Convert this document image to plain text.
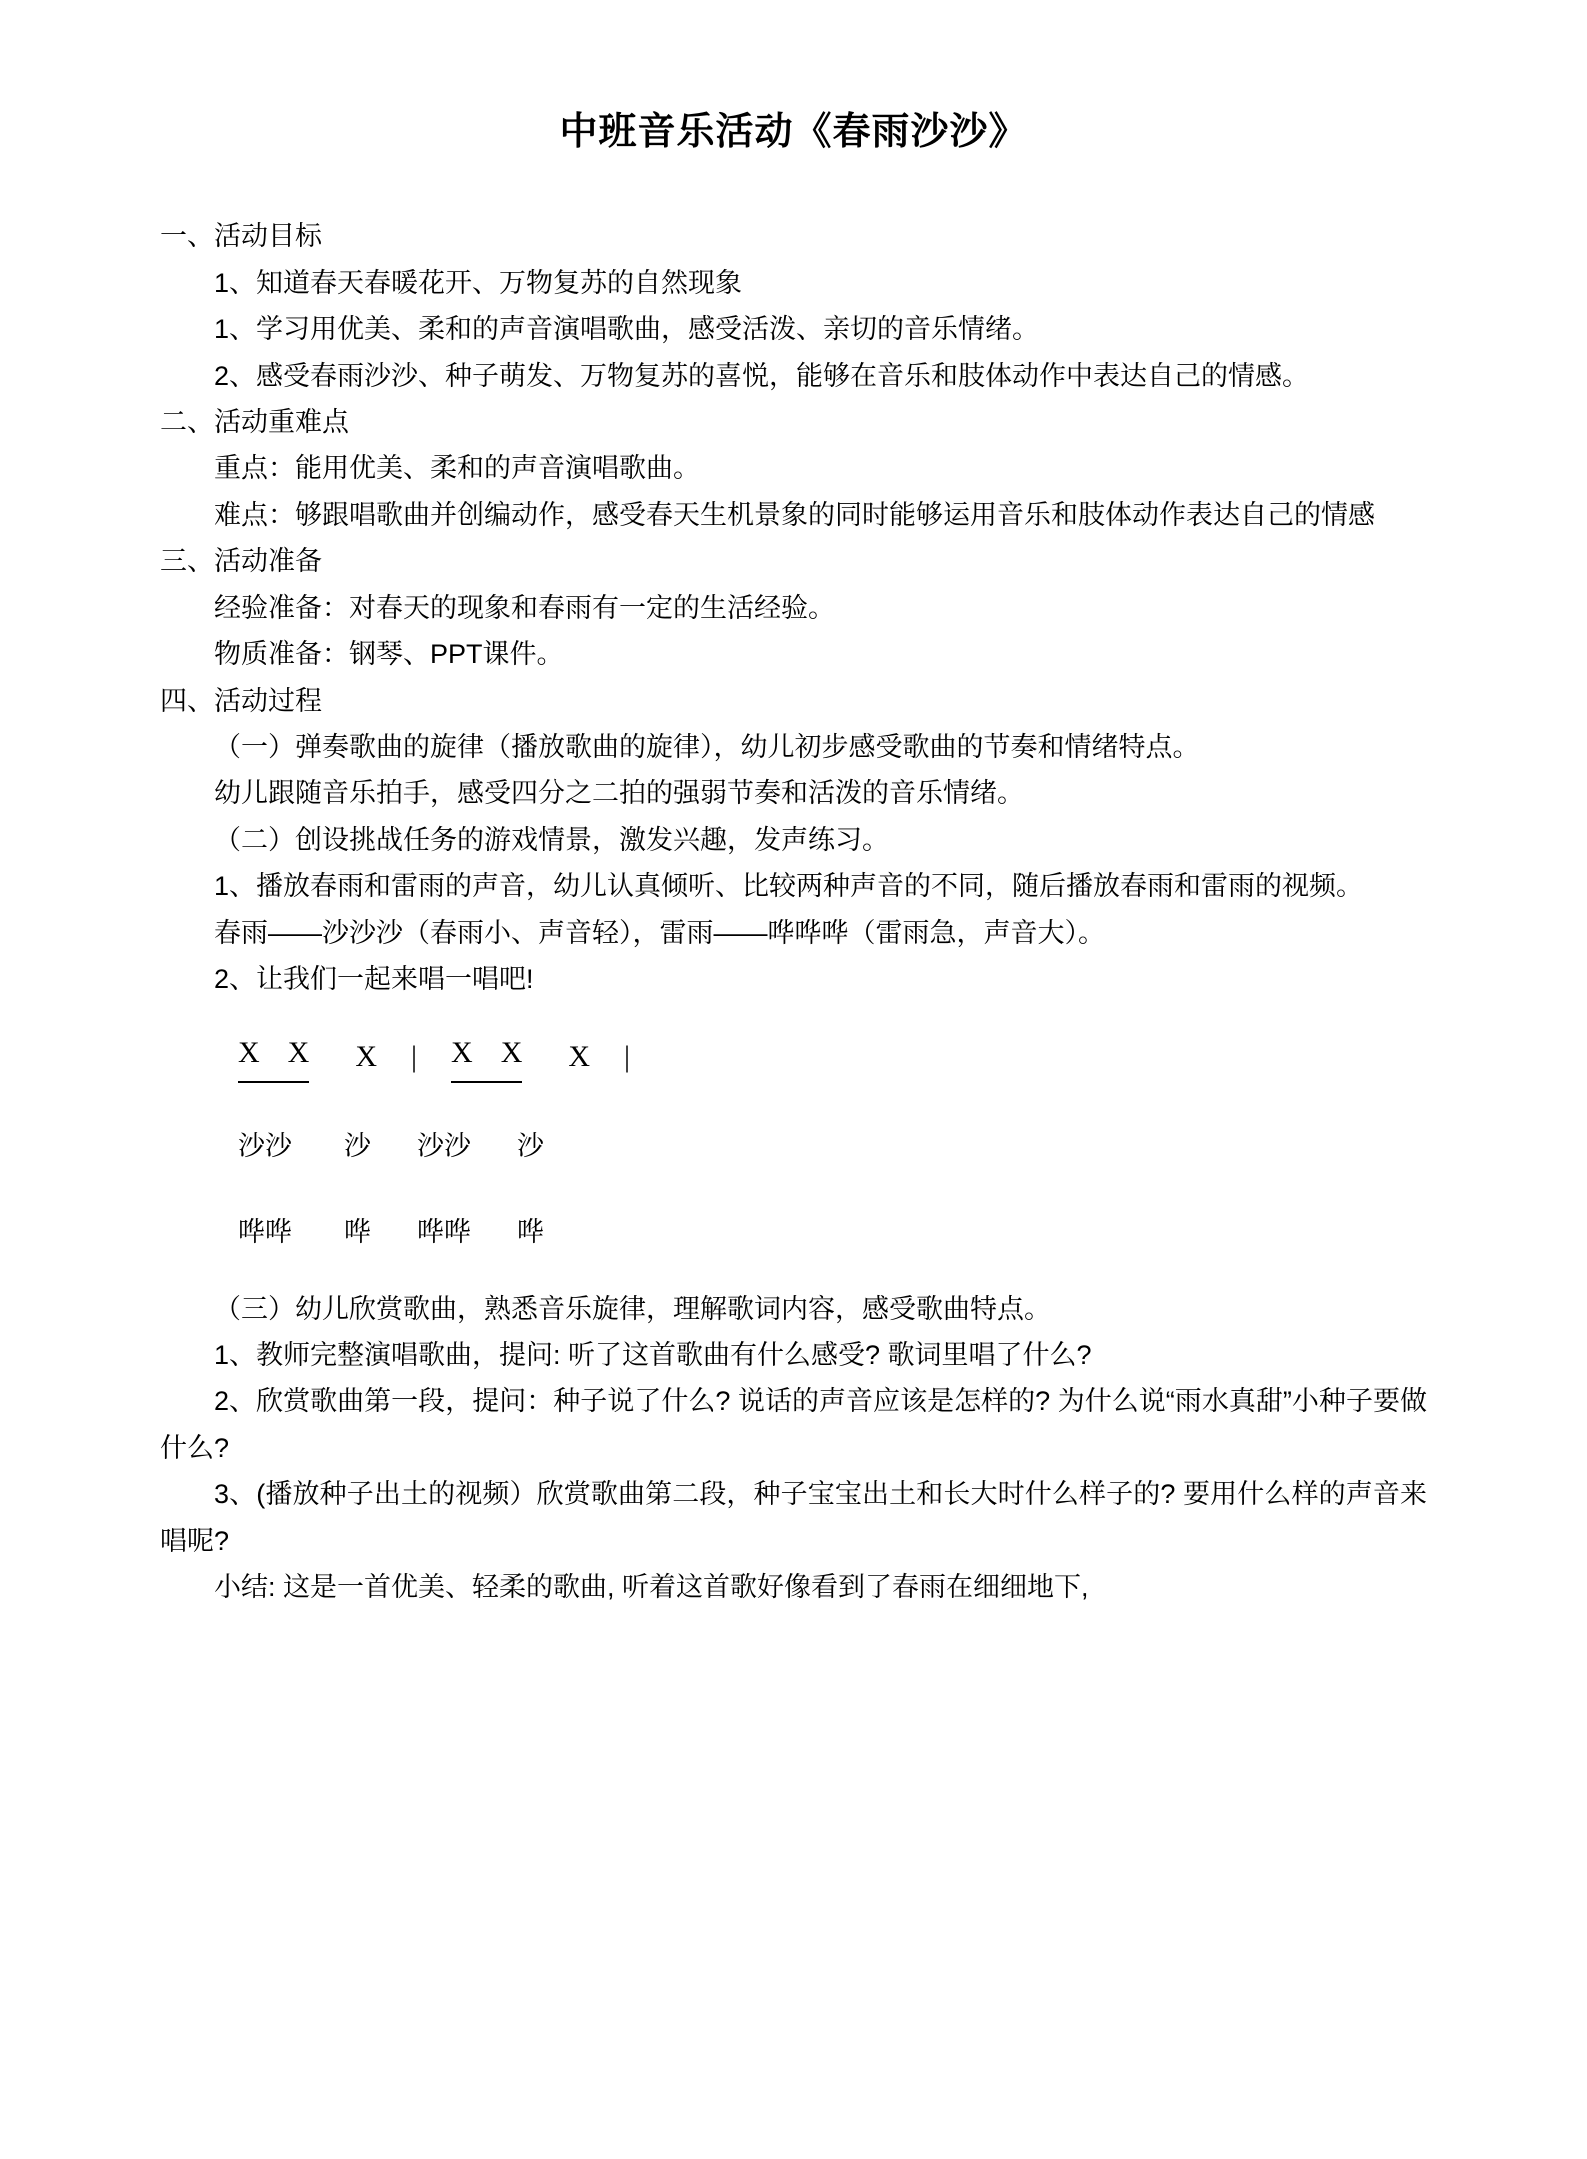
中班音乐活动《春雨沙沙》

一、活动目标

1、知道春天春暖花开、万物复苏的自然现象

1、学习用优美、柔和的声音演唱歌曲，感受活泼、亲切的音乐情绪。

2、感受春雨沙沙、种子萌发、万物复苏的喜悦，能够在音乐和肢体动作中表达自己的情感。

二、活动重难点

重点：能用优美、柔和的声音演唱歌曲。

难点：够跟唱歌曲并创编动作，感受春天生机景象的同时能够运用音乐和肢体动作表达自己的情感

三、活动准备

经验准备：对春天的现象和春雨有一定的生活经验。

物质准备：钢琴、PPT课件。

四、活动过程

（一）弹奏歌曲的旋律（播放歌曲的旋律），幼儿初步感受歌曲的节奏和情绪特点。

幼儿跟随音乐拍手，感受四分之二拍的强弱节奏和活泼的音乐情绪。

（二）创设挑战任务的游戏情景，激发兴趣，发声练习。

1、播放春雨和雷雨的声音，幼儿认真倾听、比较两种声音的不同，随后播放春雨和雷雨的视频。

春雨——沙沙沙（春雨小、声音轻），雷雨——哗哗哗（雷雨急，声音大）。

2、让我们一起来唱一唱吧!

X X X | X X X |
沙 沙 沙 沙 沙 沙
哗 哗 哗 哗 哗 哗

（三）幼儿欣赏歌曲，熟悉音乐旋律，理解歌词内容，感受歌曲特点。

1、教师完整演唱歌曲，提问: 听了这首歌曲有什么感受? 歌词里唱了什么?

2、欣赏歌曲第一段，提问：种子说了什么? 说话的声音应该是怎样的? 为什么说“雨水真甜”小种子要做什么?

3、(播放种子出土的视频）欣赏歌曲第二段，种子宝宝出土和长大时什么样子的? 要用什么样的声音来唱呢?

小结: 这是一首优美、轻柔的歌曲, 听着这首歌好像看到了春雨在细细地下,
